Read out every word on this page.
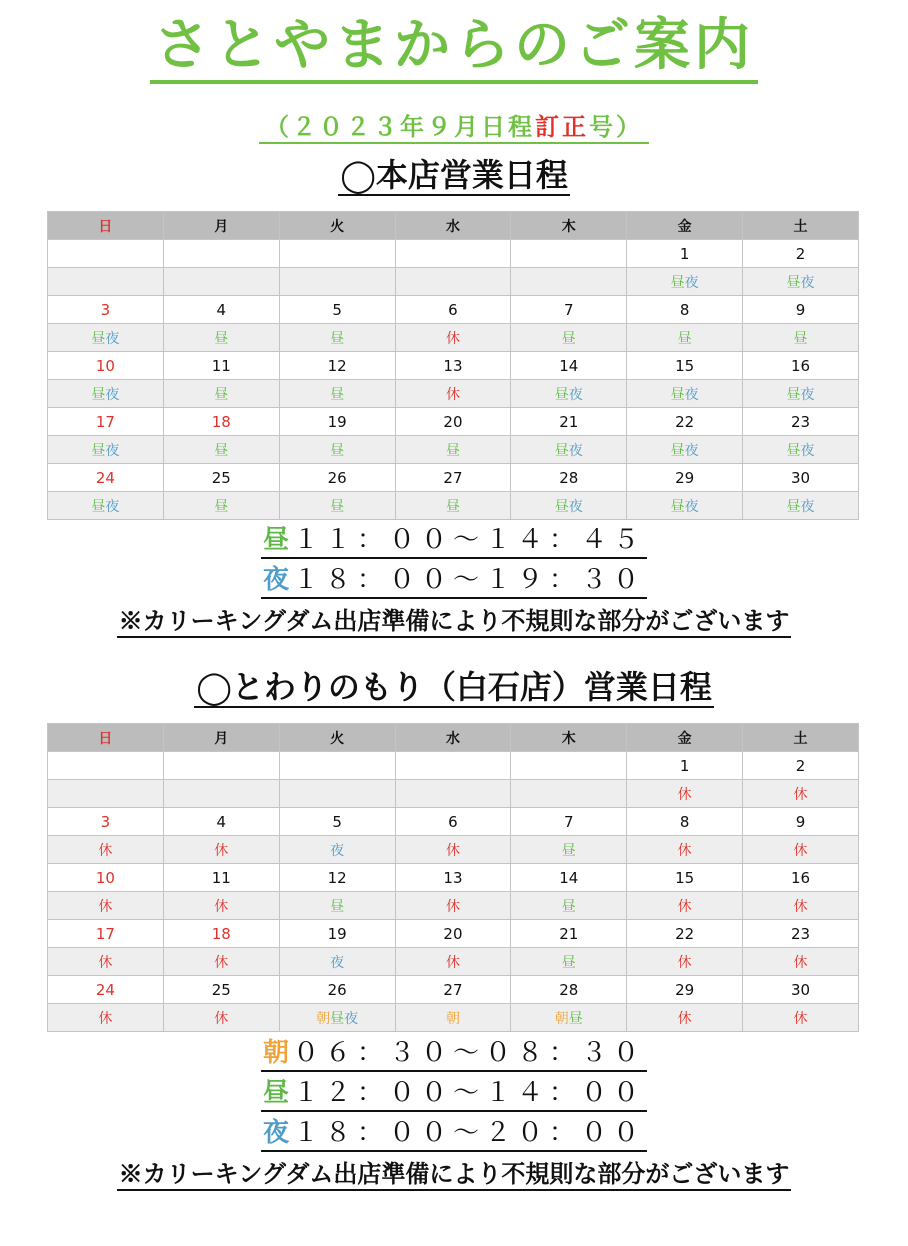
さとやまからのご案内
（２０２３年９月日程訂正号）
◯本店営業日程
日	月	火	水	木	金	土
					1	2
					昼夜	昼夜
3	4	5	6	7	8	9
昼夜	昼	昼	休	昼	昼	昼
10	11	12	13	14	15	16
昼夜	昼	昼	休	昼夜	昼夜	昼夜
17	18	19	20	21	22	23
昼夜	昼	昼	昼	昼夜	昼夜	昼夜
24	25	26	27	28	29	30
昼夜	昼	昼	昼	昼夜	昼夜	昼夜
昼 １１：００～１４：４５
夜 １８：００～１９：３０
※カリーキングダム出店準備により不規則な部分がございます
◯とわりのもり（白石店）営業日程
日	月	火	水	木	金	土
					1	2
					休	休
3	4	5	6	7	8	9
休	休	夜	休	昼	休	休
10	11	12	13	14	15	16
休	休	昼	休	昼	休	休
17	18	19	20	21	22	23
休	休	夜	休	昼	休	休
24	25	26	27	28	29	30
休	休	朝昼夜	朝	朝昼	休	休
朝 ０６：３０～０８：３０
昼 １２：００～１４：００
夜 １８：００～２０：００
※カリーキングダム出店準備により不規則な部分がございます
